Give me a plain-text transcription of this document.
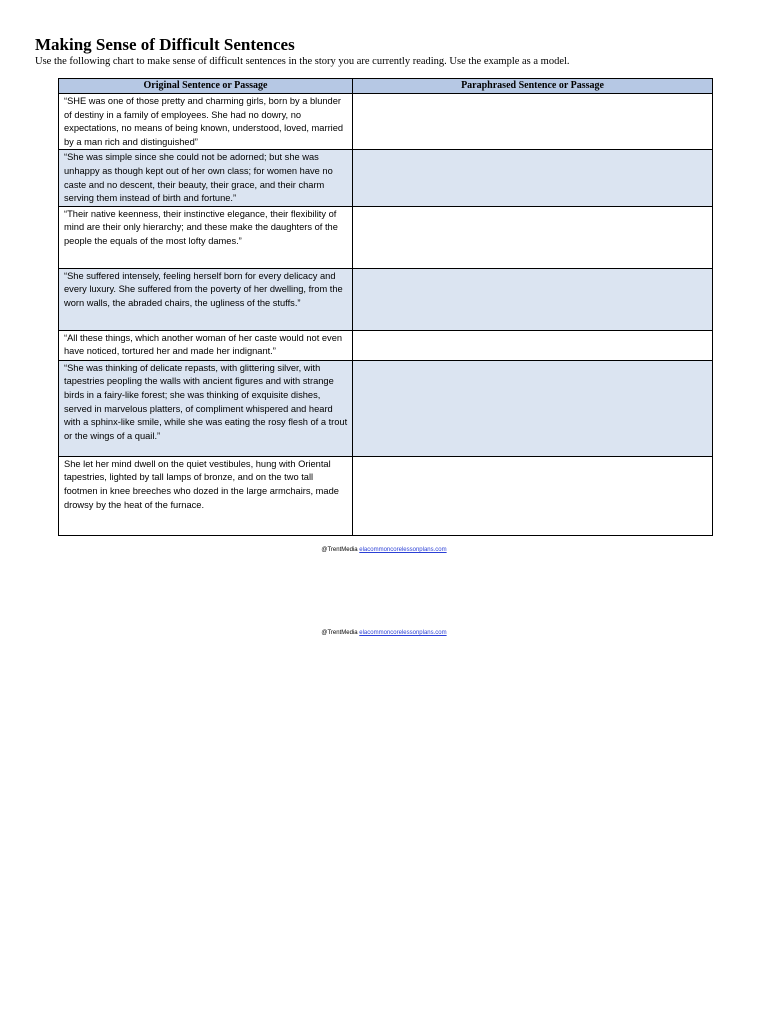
Making Sense of Difficult Sentences
Use the following chart to make sense of difficult sentences in the story you are currently reading. Use the example as a model.
Original Sentence or Passage	Paraphrased Sentence or Passage

“SHE was one of those pretty and charming girls, born by a blunder of destiny in a family of employees. She had no dowry, no expectations, no means of being known, understood, loved, married by a man rich and distinguished”	

“She was simple since she could not be adorned; but she was unhappy as though kept out of her own class; for women have no caste and no descent, their beauty, their grace, and their charm serving them instead of birth and fortune.”	

“Their native keenness, their instinctive elegance, their flexibility of mind are their only hierarchy; and these make the daughters of the people the equals of the most lofty dames.”	

“She suffered intensely, feeling herself born for every delicacy and every luxury. She suffered from the poverty of her dwelling, from the worn walls, the abraded chairs, the ugliness of the stuffs.”	

“All these things, which another woman of her caste would not even have noticed, tortured her and made her indignant.”	

“She was thinking of delicate repasts, with glittering silver, with tapestries peopling the walls with ancient figures and with strange birds in a fairy-like forest; she was thinking of exquisite dishes, served in marvelous platters, of compliment whispered and heard with a sphinx-like smile, while she was eating the rosy flesh of a trout or the wings of a quail.”	

She let her mind dwell on the quiet vestibules, hung with Oriental tapestries, lighted by tall lamps of bronze, and on the two tall footmen in knee breeches who dozed in the large armchairs, made drowsy by the heat of the furnace.	

@TrentMedia elacommoncorelessonplans.com
@TrentMedia elacommoncorelessonplans.com
